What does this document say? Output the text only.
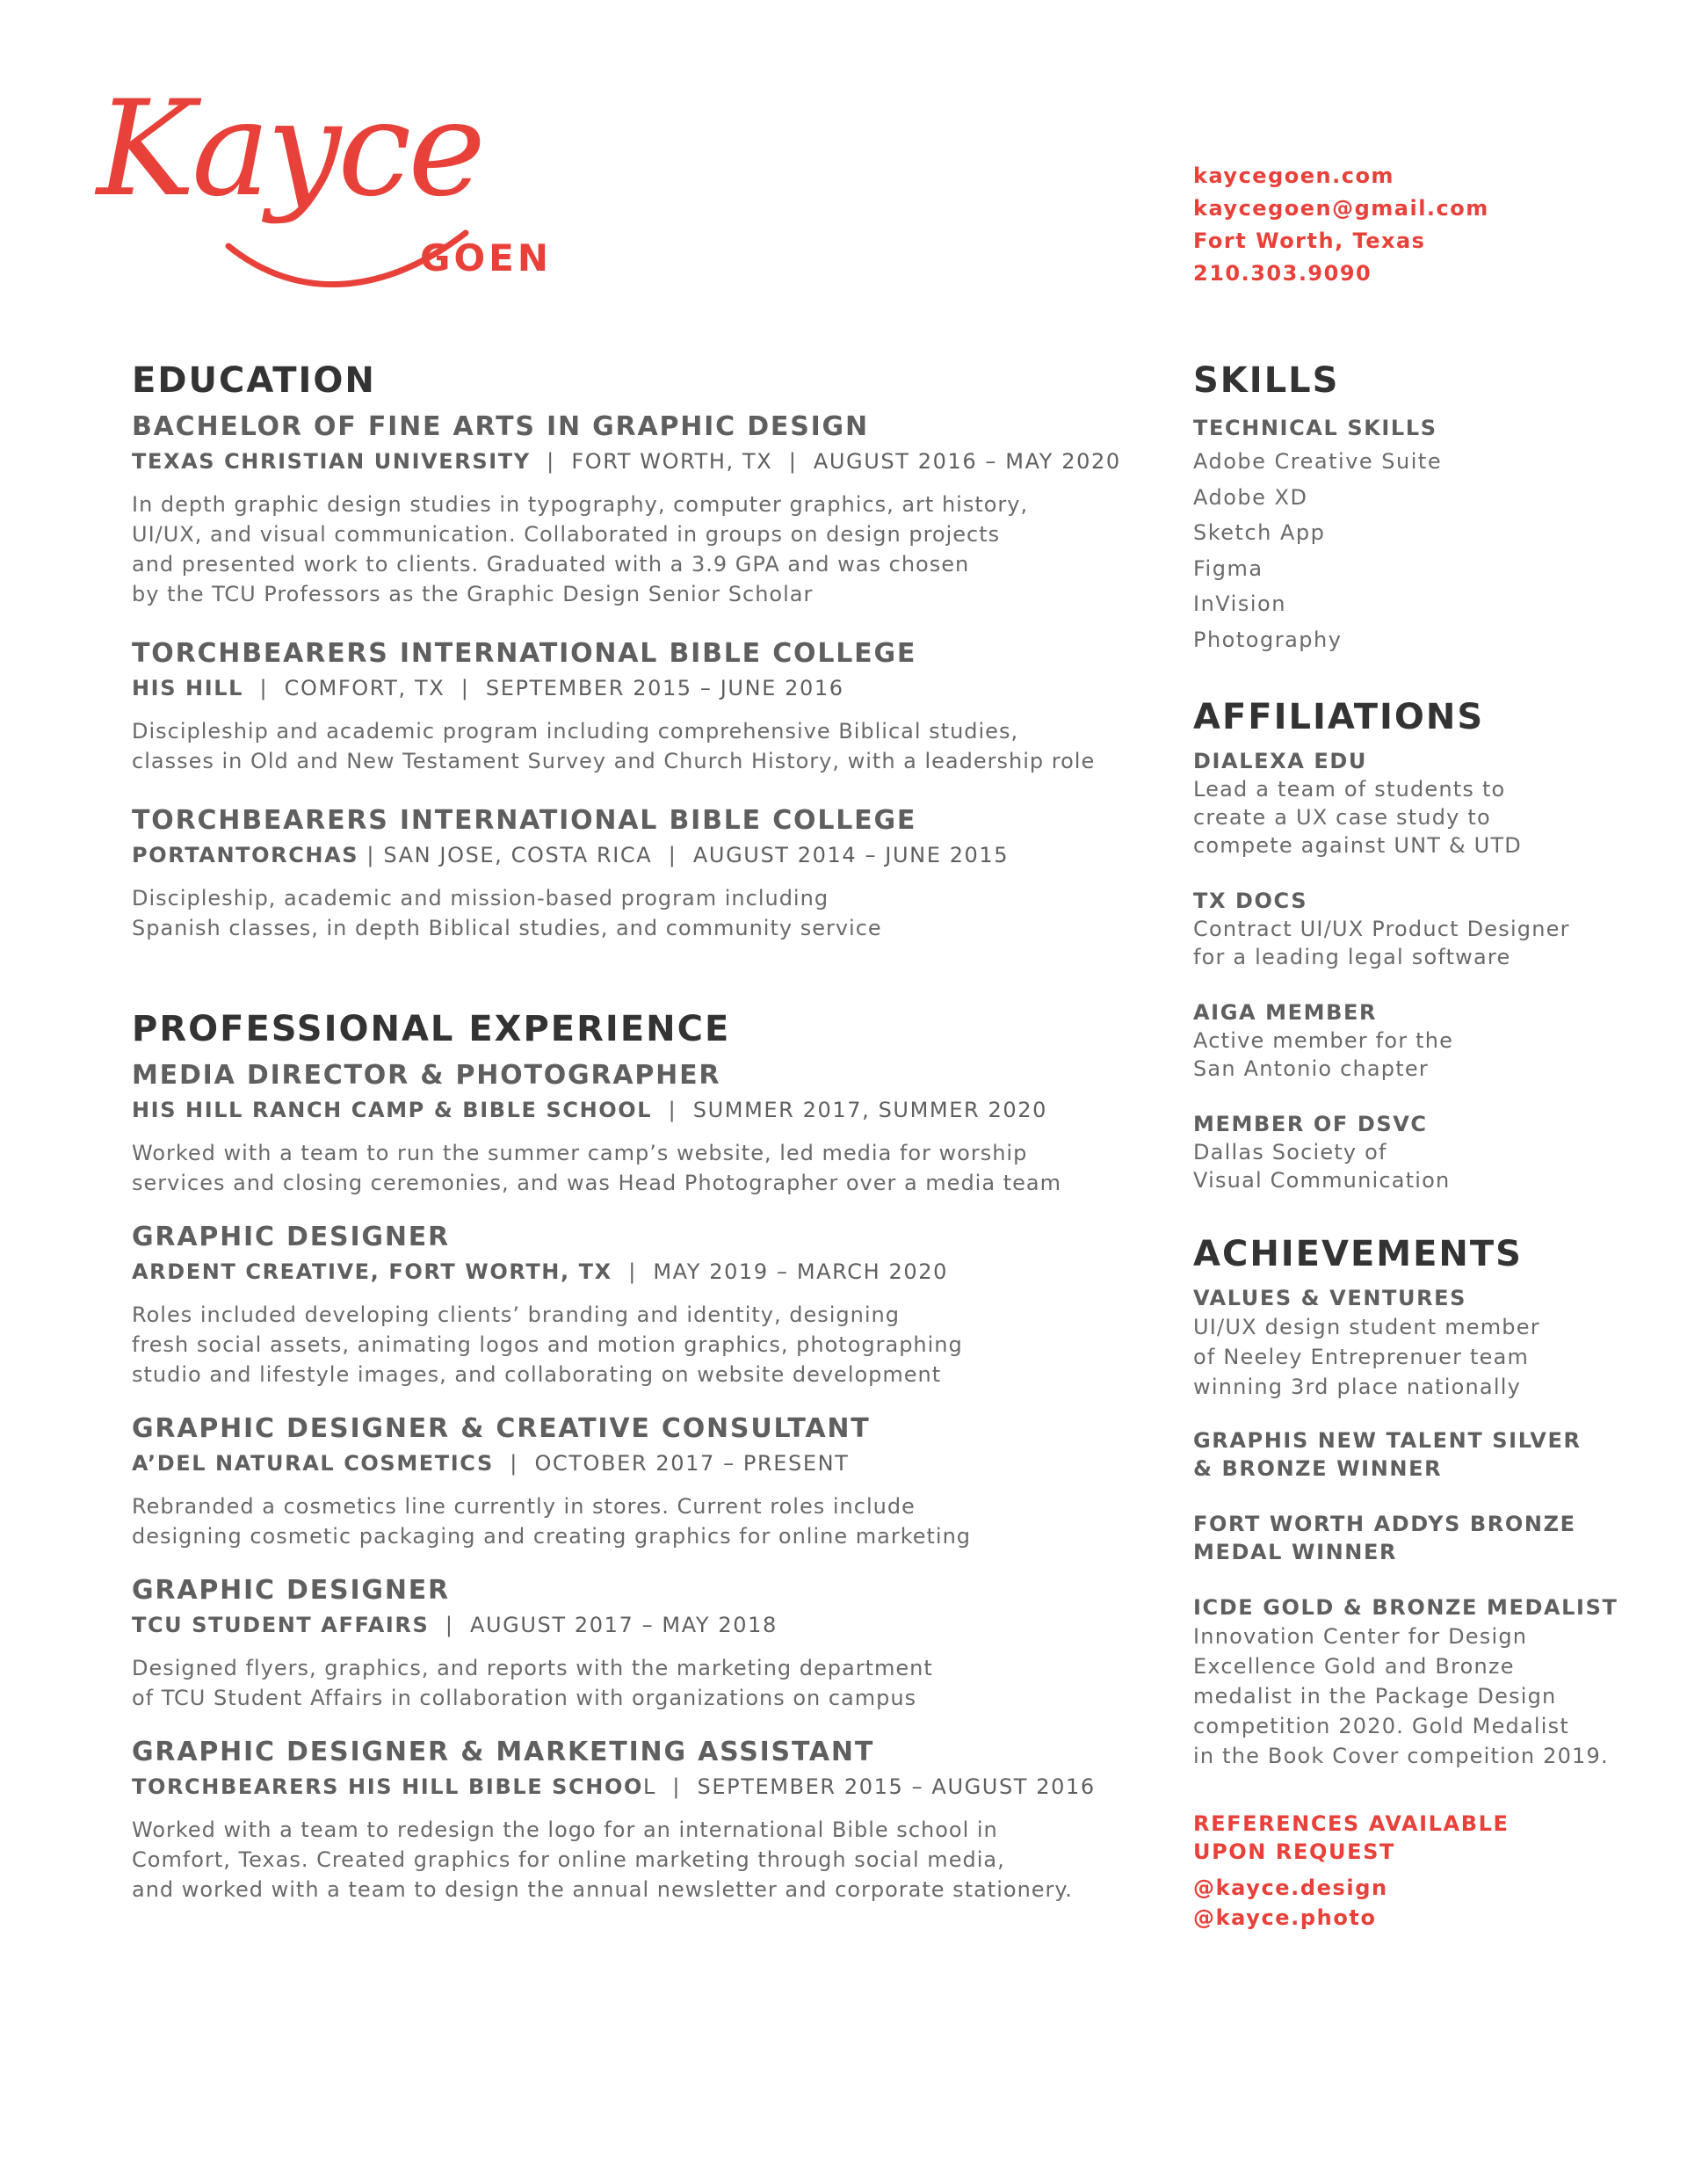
Kayce
GOEN
kaycegoen.com
kaycegoen@gmail.com
Fort Worth, Texas
210.303.9090
EDUCATION
BACHELOR OF FINE ARTS IN GRAPHIC DESIGN
TEXAS CHRISTIAN UNIVERSITY  |  FORT WORTH, TX  |  AUGUST 2016 – MAY 2020
In depth graphic design studies in typography, computer graphics, art history,
UI/UX, and visual communication. Collaborated in groups on design projects
and presented work to clients. Graduated with a 3.9 GPA and was chosen
by the TCU Professors as the Graphic Design Senior Scholar
TORCHBEARERS INTERNATIONAL BIBLE COLLEGE
HIS HILL  |  COMFORT, TX  |  SEPTEMBER 2015 – JUNE 2016
Discipleship and academic program including comprehensive Biblical studies,
classes in Old and New Testament Survey and Church History, with a leadership role
TORCHBEARERS INTERNATIONAL BIBLE COLLEGE
PORTANTORCHAS | SAN JOSE, COSTA RICA  |  AUGUST 2014 – JUNE 2015
Discipleship, academic and mission-based program including
Spanish classes, in depth Biblical studies, and community service
PROFESSIONAL EXPERIENCE
MEDIA DIRECTOR & PHOTOGRAPHER
HIS HILL RANCH CAMP & BIBLE SCHOOL  |  SUMMER 2017, SUMMER 2020
Worked with a team to run the summer camp’s website, led media for worship
services and closing ceremonies, and was Head Photographer over a media team
GRAPHIC DESIGNER
ARDENT CREATIVE, FORT WORTH, TX  |  MAY 2019 – MARCH 2020
Roles included developing clients’ branding and identity, designing
fresh social assets, animating logos and motion graphics, photographing
studio and lifestyle images, and collaborating on website development
GRAPHIC DESIGNER & CREATIVE CONSULTANT
A’DEL NATURAL COSMETICS  |  OCTOBER 2017 – PRESENT
Rebranded a cosmetics line currently in stores. Current roles include
designing cosmetic packaging and creating graphics for online marketing
GRAPHIC DESIGNER
TCU STUDENT AFFAIRS  |  AUGUST 2017 – MAY 2018
Designed flyers, graphics, and reports with the marketing department
of TCU Student Affairs in collaboration with organizations on campus
GRAPHIC DESIGNER & MARKETING ASSISTANT
TORCHBEARERS HIS HILL BIBLE SCHOOL  |  SEPTEMBER 2015 – AUGUST 2016
Worked with a team to redesign the logo for an international Bible school in
Comfort, Texas. Created graphics for online marketing through social media,
and worked with a team to design the annual newsletter and corporate stationery.
SKILLS
TECHNICAL SKILLS
Adobe Creative Suite
Adobe XD
Sketch App
Figma
InVision
Photography
AFFILIATIONS
DIALEXA EDU
Lead a team of students to
create a UX case study to
compete against UNT & UTD
TX DOCS
Contract UI/UX Product Designer
for a leading legal software
AIGA MEMBER
Active member for the
San Antonio chapter
MEMBER OF DSVC
Dallas Society of
Visual Communication
ACHIEVEMENTS
VALUES & VENTURES
UI/UX design student member
of Neeley Entreprenuer team
winning 3rd place nationally
GRAPHIS NEW TALENT SILVER
& BRONZE WINNER
FORT WORTH ADDYS BRONZE
MEDAL WINNER
ICDE GOLD & BRONZE MEDALIST
Innovation Center for Design
Excellence Gold and Bronze
medalist in the Package Design
competition 2020. Gold Medalist
in the Book Cover compeition 2019.
REFERENCES AVAILABLE
UPON REQUEST
@kayce.design
@kayce.photo
